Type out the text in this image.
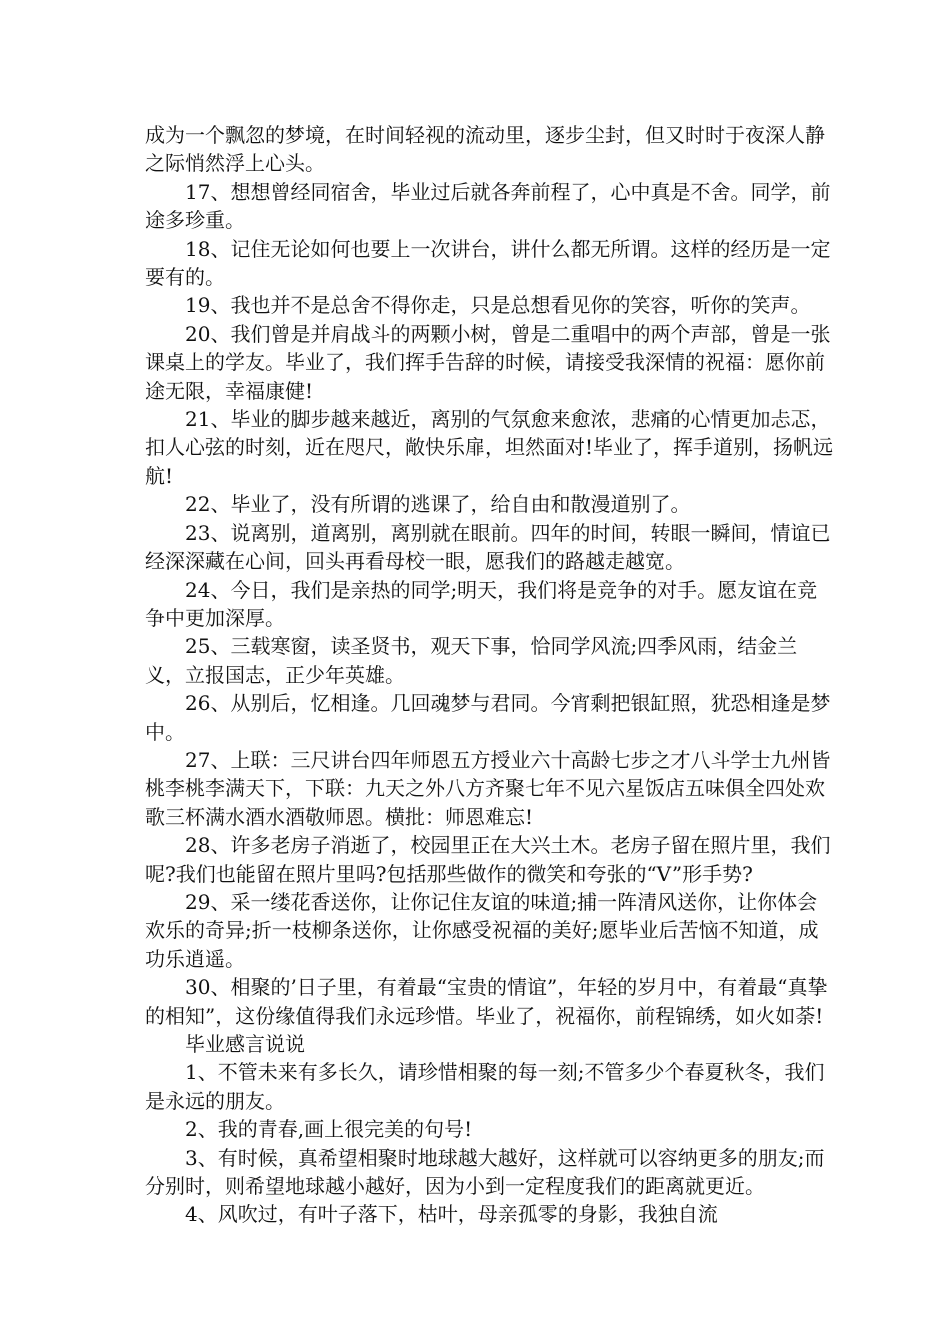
成为一个飘忽的梦境，在时间轻视的流动里，逐步尘封，但又时时于夜深人静之际悄然浮上心头。

17、想想曾经同宿舍，毕业过后就各奔前程了，心中真是不舍。同学，前途多珍重。

18、记住无论如何也要上一次讲台，讲什么都无所谓。这样的经历是一定要有的。

19、我也并不是总舍不得你走，只是总想看见你的笑容，听你的笑声。

20、我们曾是并肩战斗的两颗小树，曾是二重唱中的两个声部，曾是一张课桌上的学友。毕业了，我们挥手告辞的时候，请接受我深情的祝福：愿你前途无限，幸福康健!

21、毕业的脚步越来越近，离别的气氛愈来愈浓，悲痛的心情更加忐忑，扣人心弦的时刻，近在咫尺，敞快乐扉，坦然面对!毕业了，挥手道别，扬帆远航!

22、毕业了，没有所谓的逃课了，给自由和散漫道别了。

23、说离别，道离别，离别就在眼前。四年的时间，转眼一瞬间，情谊已经深深藏在心间，回头再看母校一眼，愿我们的路越走越宽。

24、今日，我们是亲热的同学;明天，我们将是竞争的对手。愿友谊在竞争中更加深厚。

25、三载寒窗，读圣贤书，观天下事，恰同学风流;四季风雨，结金兰义，立报国志，正少年英雄。

26、从别后，忆相逢。几回魂梦与君同。今宵剩把银缸照，犹恐相逢是梦中。

27、上联：三尺讲台四年师恩五方授业六十高龄七步之才八斗学士九州皆桃李桃李满天下，下联：九天之外八方齐聚七年不见六星饭店五味俱全四处欢歌三杯满水酒水酒敬师恩。横批：师恩难忘!

28、许多老房子消逝了，校园里正在大兴土木。老房子留在照片里，我们呢?我们也能留在照片里吗?包括那些做作的微笑和夸张的“V”形手势?

29、采一缕花香送你，让你记住友谊的味道;捕一阵清风送你，让你体会欢乐的奇异;折一枝柳条送你，让你感受祝福的美好;愿毕业后苦恼不知道，成功乐逍遥。

30、相聚的’日子里，有着最“宝贵的情谊”，年轻的岁月中，有着最“真挚的相知”，这份缘值得我们永远珍惜。毕业了，祝福你，前程锦绣，如火如荼!

毕业感言说说

1、不管未来有多长久，请珍惜相聚的每一刻;不管多少个春夏秋冬，我们是永远的朋友。

2、我的青春,画上很完美的句号!

3、有时候，真希望相聚时地球越大越好，这样就可以容纳更多的朋友;而分别时，则希望地球越小越好，因为小到一定程度我们的距离就更近。

4、风吹过，有叶子落下，枯叶，母亲孤零的身影，我独自流
